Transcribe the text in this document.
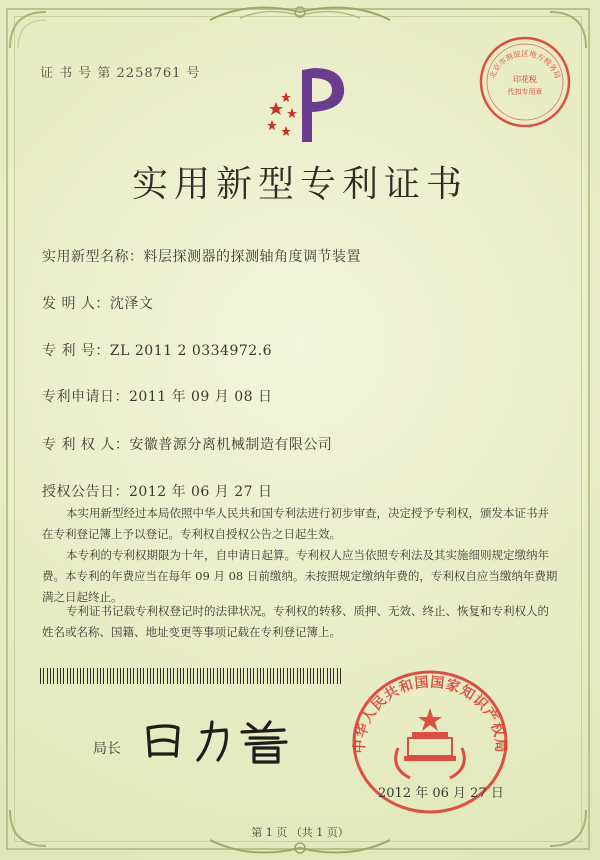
证 书 号 第 2258761 号	北京市海淀区地方税务局
印花税
代扣专用章
实用新型专利证书
实用新型名称：料层探测器的探测轴角度调节装置
发 明 人：沈泽文
专 利 号：ZL 2011 2 0334972.6
专利申请日：2011 年 09 月 08 日
专 利 权 人：安徽普源分离机械制造有限公司
授权公告日：2012 年 06 月 27 日
本实用新型经过本局依照中华人民共和国专利法进行初步审查，决定授予专利权，颁发本证书并在专利登记簿上予以登记。专利权自授权公告之日起生效。
本专利的专利权期限为十年，自申请日起算。专利权人应当依照专利法及其实施细则规定缴纳年费。本专利的年费应当在每年 09 月 08 日前缴纳。未按照规定缴纳年费的，专利权自应当缴纳年费期满之日起终止。
专利证书记载专利权登记时的法律状况。专利权的转移、质押、无效、终止、恢复和专利权人的姓名或名称、国籍、地址变更等事项记载在专利登记簿上。
局长	中华人民共和国国家知识产权局
2012 年 06 月 27 日
第 1 页 （共 1 页）
